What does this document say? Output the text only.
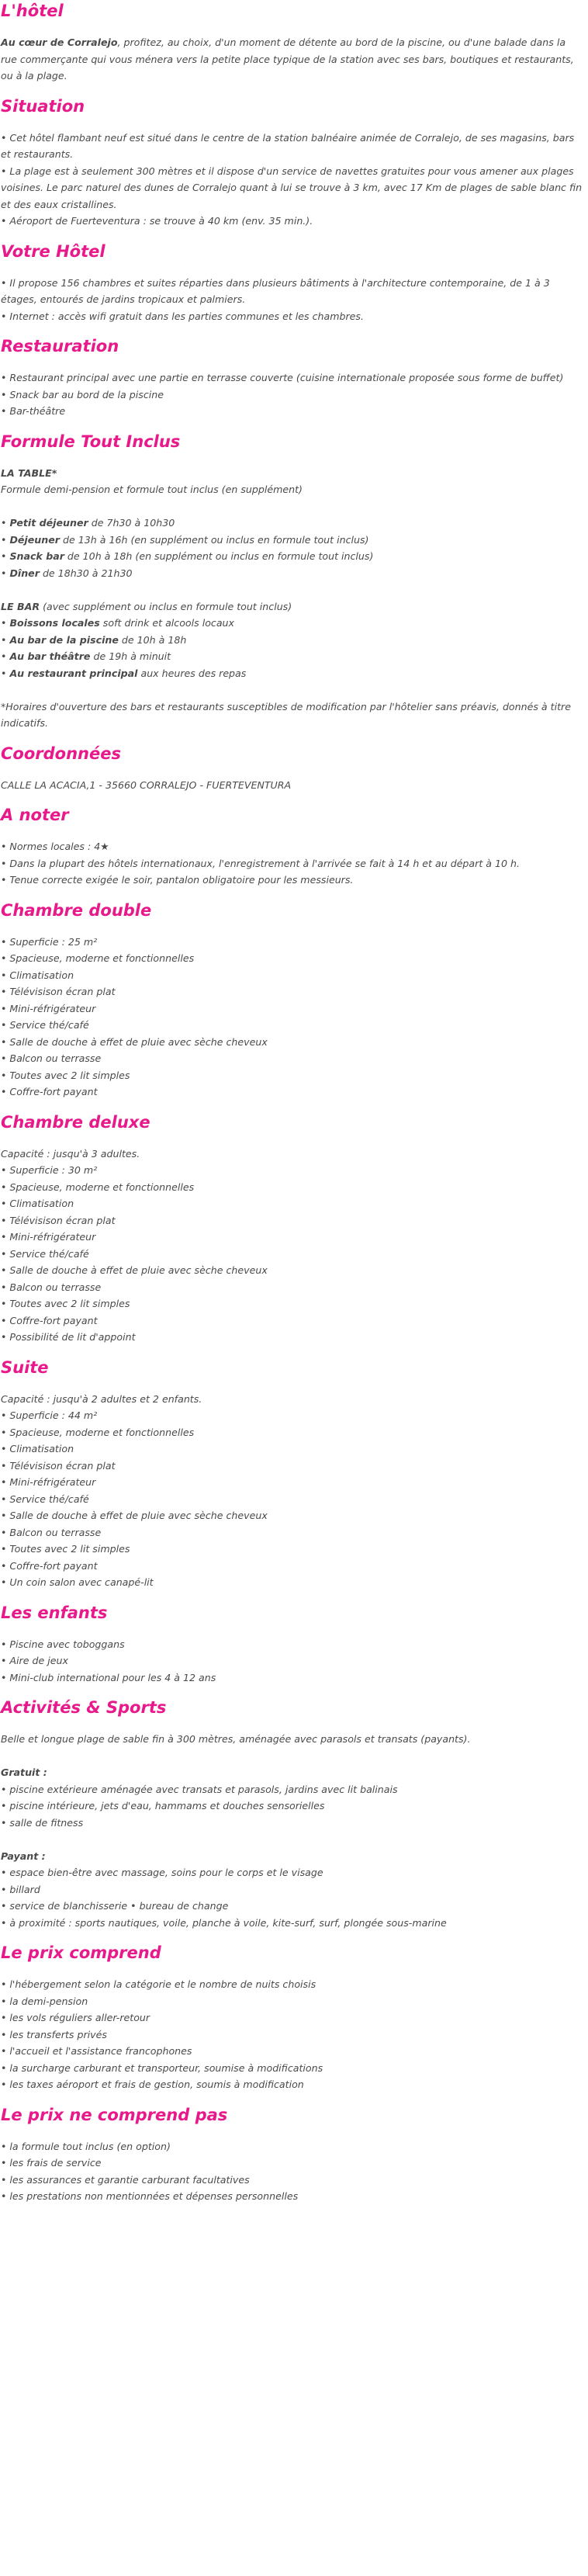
L'hôtel

Au cœur de Corralejo, profitez, au choix, d'un moment de détente au bord de la piscine, ou d'une balade dans la rue commerçante qui vous ménera vers la petite place typique de la station avec ses bars, boutiques et restaurants, ou à la plage.

Situation

• Cet hôtel flambant neuf est situé dans le centre de la station balnéaire animée de Corralejo, de ses magasins, bars et restaurants.

• La plage est à seulement 300 mètres et il dispose d'un service de navettes gratuites pour vous amener aux plages voisines. Le parc naturel des dunes de Corralejo quant à lui se trouve à 3 km, avec 17 Km de plages de sable blanc fin et des eaux cristallines.

• Aéroport de Fuerteventura : se trouve à 40 km (env. 35 min.).

Votre Hôtel

• Il propose 156 chambres et suites réparties dans plusieurs bâtiments à l'architecture contemporaine, de 1 à 3 étages, entourés de jardins tropicaux et palmiers.

• Internet : accès wifi gratuit dans les parties communes et les chambres.

Restauration

• Restaurant principal avec une partie en terrasse couverte (cuisine internationale proposée sous forme de buffet)

• Snack bar au bord de la piscine

• Bar-théâtre

Formule Tout Inclus

LA TABLE*

Formule demi-pension et formule tout inclus (en supplément)

• Petit déjeuner de 7h30 à 10h30

• Déjeuner de 13h à 16h (en supplément ou inclus en formule tout inclus)

• Snack bar de 10h à 18h (en supplément ou inclus en formule tout inclus)

• Dîner de 18h30 à 21h30

LE BAR (avec supplément ou inclus en formule tout inclus)

• Boissons locales soft drink et alcools locaux

• Au bar de la piscine de 10h à 18h

• Au bar théâtre de 19h à minuit

• Au restaurant principal aux heures des repas

*Horaires d'ouverture des bars et restaurants susceptibles de modification par l'hôtelier sans préavis, donnés à titre indicatifs.

Coordonnées

CALLE LA ACACIA,1 - 35660 CORRALEJO - FUERTEVENTURA

A noter

• Normes locales : 4★

• Dans la plupart des hôtels internationaux, l'enregistrement à l'arrivée se fait à 14 h et au départ à 10 h.

• Tenue correcte exigée le soir, pantalon obligatoire pour les messieurs.

Chambre double

• Superficie : 25 m²

• Spacieuse, moderne et fonctionnelles

• Climatisation

• Télévisison écran plat

• Mini-réfrigérateur

• Service thé/café

• Salle de douche à effet de pluie avec sèche cheveux

• Balcon ou terrasse

• Toutes avec 2 lit simples

• Coffre-fort payant

Chambre deluxe

Capacité : jusqu'à 3 adultes.

• Superficie : 30 m²

• Spacieuse, moderne et fonctionnelles

• Climatisation

• Télévisison écran plat

• Mini-réfrigérateur

• Service thé/café

• Salle de douche à effet de pluie avec sèche cheveux

• Balcon ou terrasse

• Toutes avec 2 lit simples

• Coffre-fort payant

• Possibilité de lit d'appoint

Suite

Capacité : jusqu'à 2 adultes et 2 enfants.

• Superficie : 44 m²

• Spacieuse, moderne et fonctionnelles

• Climatisation

• Télévisison écran plat

• Mini-réfrigérateur

• Service thé/café

• Salle de douche à effet de pluie avec sèche cheveux

• Balcon ou terrasse

• Toutes avec 2 lit simples

• Coffre-fort payant

• Un coin salon avec canapé-lit

Les enfants

• Piscine avec toboggans

• Aire de jeux

• Mini-club international pour les 4 à 12 ans

Activités & Sports

Belle et longue plage de sable fin à 300 mètres, aménagée avec parasols et transats (payants).

Gratuit :

• piscine extérieure aménagée avec transats et parasols, jardins avec lit balinais

• piscine intérieure, jets d'eau, hammams et douches sensorielles

• salle de fitness

Payant :

• espace bien-être avec massage, soins pour le corps et le visage

• billard

• service de blanchisserie • bureau de change

• à proximité : sports nautiques, voile, planche à voile, kite-surf, surf, plongée sous-marine

Le prix comprend

• l'hébergement selon la catégorie et le nombre de nuits choisis

• la demi-pension

• les vols réguliers aller-retour

• les transferts privés

• l'accueil et l'assistance francophones

• la surcharge carburant et transporteur, soumise à modifications

• les taxes aéroport et frais de gestion, soumis à modification

Le prix ne comprend pas

• la formule tout inclus (en option)

• les frais de service

• les assurances et garantie carburant facultatives

• les prestations non mentionnées et dépenses personnelles
